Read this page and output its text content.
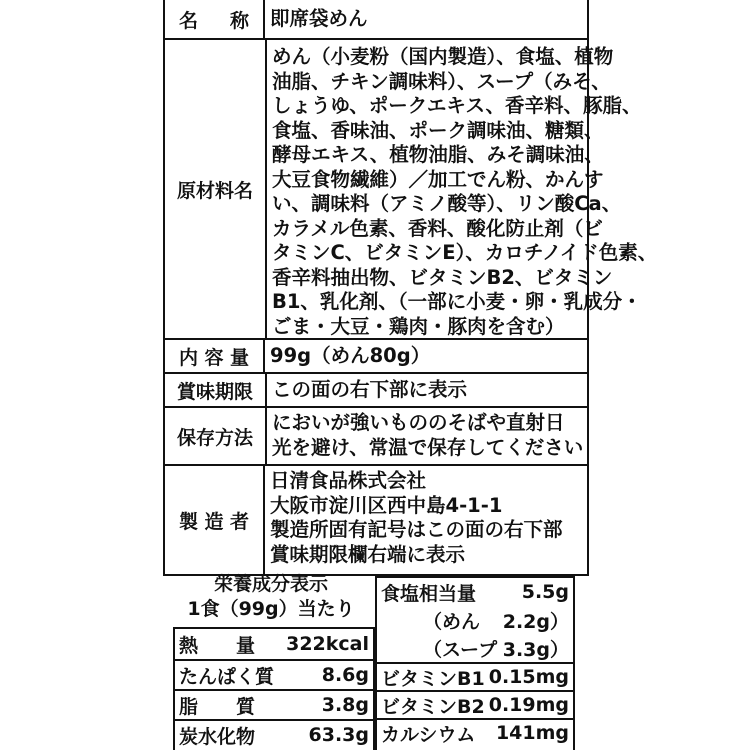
名 称 即席袋めん
原材料名
めん（小麦粉（国内製造）、食塩、植物
油脂、チキン調味料）、スープ（みそ、
しょうゆ、ポークエキス、香辛料、豚脂、
食塩、香味油、ポーク調味油、糖類、
酵母エキス、植物油脂、みそ調味油、
大豆食物繊維）／加工でん粉、かんす
い、調味料（アミノ酸等）、リン酸Ca、
カラメル色素、香料、酸化防止剤（ビ
タミンC、ビタミンE）、カロチノイド色素、
香辛料抽出物、ビタミンB2、ビタミン
B1、乳化剤、（一部に小麦・卵・乳成分・
ごま・大豆・鶏肉・豚肉を含む）
内 容 量 99g（めん80g）
賞味期限 この面の右下部に表示
保存方法
においが強いもののそばや直射日
光を避け、常温で保存してください
製 造 者
日清食品株式会社
大阪市淀川区西中島4-1-1
製造所固有記号はこの面の右下部
賞味期限欄右端に表示
栄養成分表示
1食（99g）当たり
熱　　量 322kcal
たんぱく質	8.6g
脂　　質	3.8g
炭水化物	63.3g
食塩相当量 5.5g
（めん 2.2g）
（スープ 3.3g）
ビタミンB1 0.15mg
ビタミンB2 0.19mg
カルシウム 141mg
